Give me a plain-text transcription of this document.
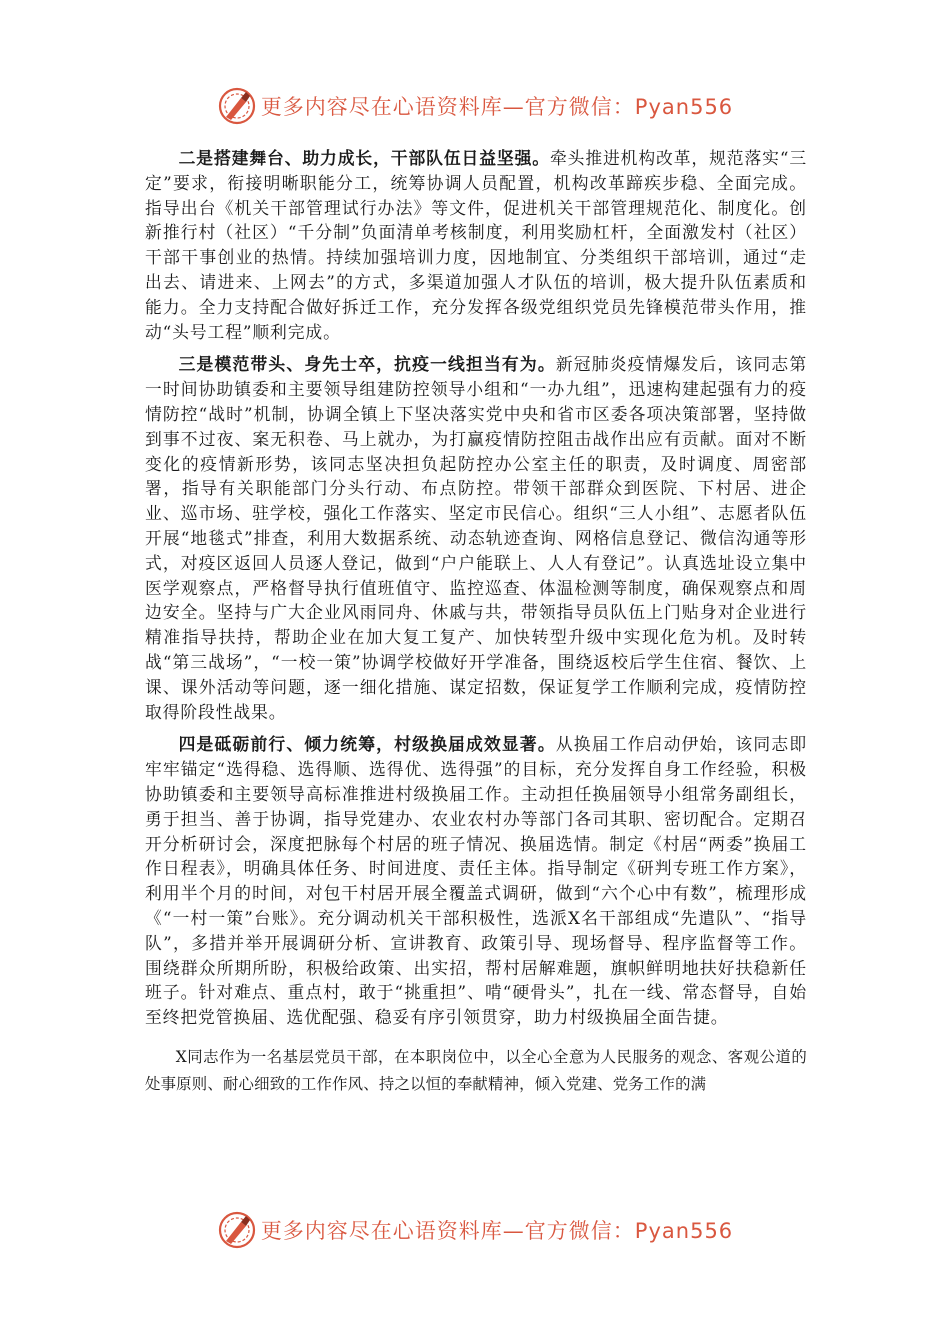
更多内容尽在心语资料库—官方微信：Pyan556

二是搭建舞台、助力成长，干部队伍日益坚强。牵头推进机构改革，规范落实“三定”要求，衔接明晰职能分工，统筹协调人员配置，机构改革蹄疾步稳、全面完成。指导出台《机关干部管理试行办法》等文件，促进机关干部管理规范化、制度化。创新推行村（社区）“千分制”负面清单考核制度，利用奖励杠杆，全面激发村（社区）干部干事创业的热情。持续加强培训力度，因地制宜、分类组织干部培训，通过“走出去、请进来、上网去”的方式，多渠道加强人才队伍的培训，极大提升队伍素质和能力。全力支持配合做好拆迁工作，充分发挥各级党组织党员先锋模范带头作用，推动“头号工程”顺利完成。

三是模范带头、身先士卒，抗疫一线担当有为。新冠肺炎疫情爆发后，该同志第一时间协助镇委和主要领导组建防控领导小组和“一办九组”，迅速构建起强有力的疫情防控“战时”机制，协调全镇上下坚决落实党中央和省市区委各项决策部署，坚持做到事不过夜、案无积卷、马上就办，为打赢疫情防控阻击战作出应有贡献。面对不断变化的疫情新形势，该同志坚决担负起防控办公室主任的职责，及时调度、周密部署，指导有关职能部门分头行动、布点防控。带领干部群众到医院、下村居、进企业、巡市场、驻学校，强化工作落实、坚定市民信心。组织“三人小组”、志愿者队伍开展“地毯式”排查，利用大数据系统、动态轨迹查询、网格信息登记、微信沟通等形式，对疫区返回人员逐人登记，做到“户户能联上、人人有登记”。认真选址设立集中医学观察点，严格督导执行值班值守、监控巡查、体温检测等制度，确保观察点和周边安全。坚持与广大企业风雨同舟、休戚与共，带领指导员队伍上门贴身对企业进行精准指导扶持，帮助企业在加大复工复产、加快转型升级中实现化危为机。及时转战“第三战场”，“一校一策”协调学校做好开学准备，围绕返校后学生住宿、餐饮、上课、课外活动等问题，逐一细化措施、谋定招数，保证复学工作顺利完成，疫情防控取得阶段性战果。

四是砥砺前行、倾力统筹，村级换届成效显著。从换届工作启动伊始，该同志即牢牢锚定“选得稳、选得顺、选得优、选得强”的目标，充分发挥自身工作经验，积极协助镇委和主要领导高标准推进村级换届工作。主动担任换届领导小组常务副组长，勇于担当、善于协调，指导党建办、农业农村办等部门各司其职、密切配合。定期召开分析研讨会，深度把脉每个村居的班子情况、换届选情。制定《村居“两委”换届工作日程表》，明确具体任务、时间进度、责任主体。指导制定《研判专班工作方案》，利用半个月的时间，对包干村居开展全覆盖式调研，做到“六个心中有数”，梳理形成《“一村一策”台账》。充分调动机关干部积极性，选派X名干部组成“先遣队”、“指导队”，多措并举开展调研分析、宣讲教育、政策引导、现场督导、程序监督等工作。围绕群众所期所盼，积极给政策、出实招，帮村居解难题，旗帜鲜明地扶好扶稳新任班子。针对难点、重点村，敢于“挑重担”、啃“硬骨头”，扎在一线、常态督导，自始至终把党管换届、选优配强、稳妥有序引领贯穿，助力村级换届全面告捷。

X同志作为一名基层党员干部，在本职岗位中，以全心全意为人民服务的观念、客观公道的处事原则、耐心细致的工作作风、持之以恒的奉献精神，倾入党建、党务工作的满

更多内容尽在心语资料库—官方微信：Pyan556
